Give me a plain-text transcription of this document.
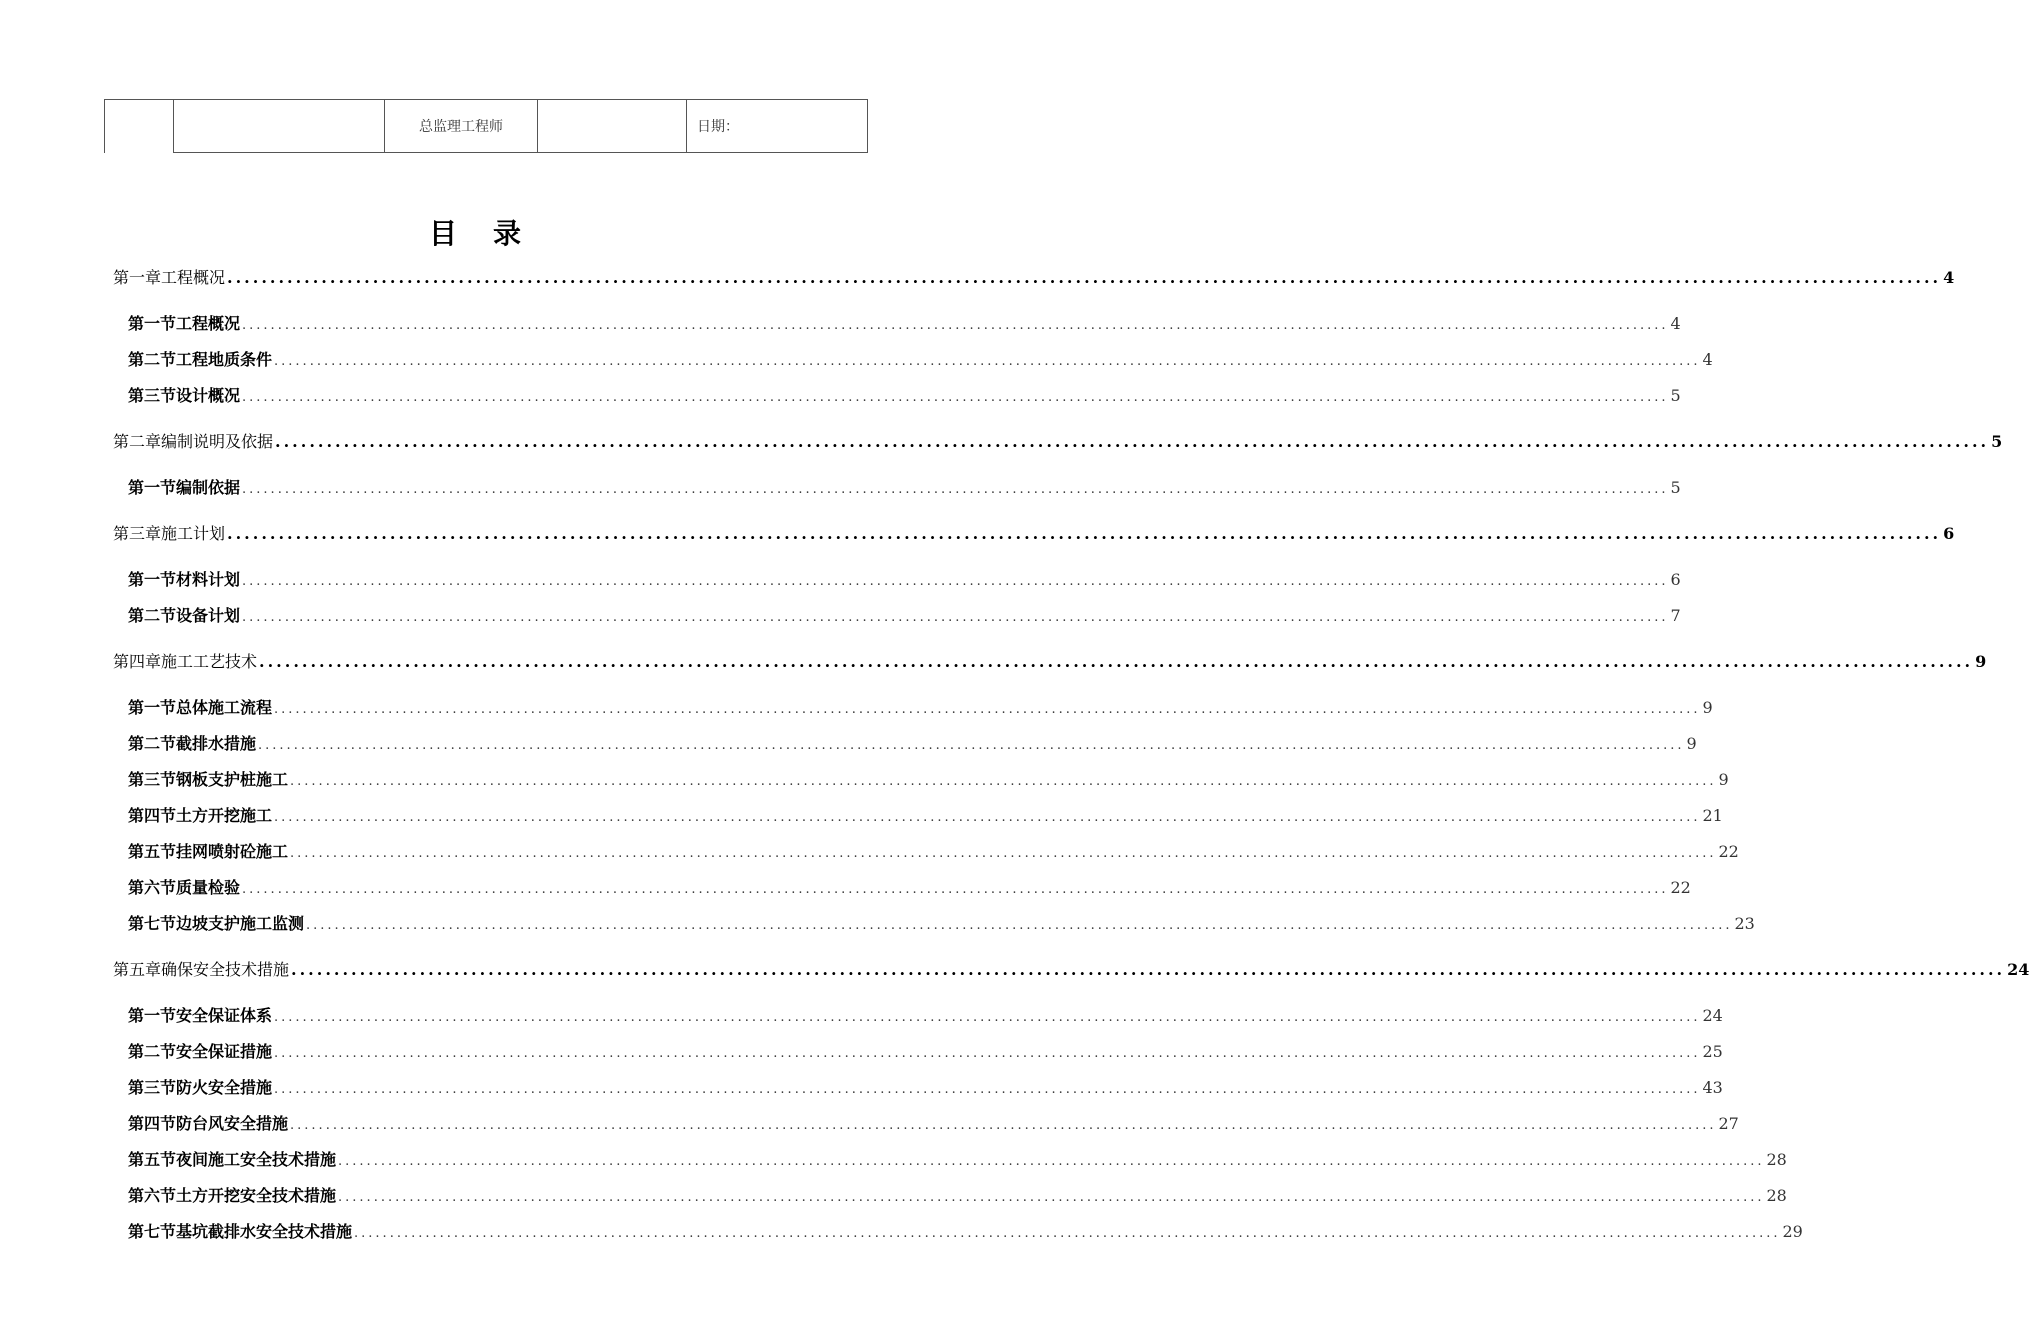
总监理工程师	日期：
目录
第一章 工程概况 ........................................................................................................................................................................................................ 4
第一节 工程概况 ........................................................................................................................................................................................................ 4
第二节 工程地质条件 ........................................................................................................................................................................................................ 4
第三节 设计概况 ........................................................................................................................................................................................................ 5
第二章 编制说明及依据 ........................................................................................................................................................................................................ 5
第一节 编制依据 ........................................................................................................................................................................................................ 5
第三章 施工计划 ........................................................................................................................................................................................................ 6
第一节 材料计划 ........................................................................................................................................................................................................ 6
第二节 设备计划 ........................................................................................................................................................................................................ 7
第四章 施工工艺技术 ........................................................................................................................................................................................................ 9
第一节 总体施工流程 ........................................................................................................................................................................................................ 9
第二节 截排水措施 ........................................................................................................................................................................................................ 9
第三节 钢板支护桩施工 ........................................................................................................................................................................................................ 9
第四节 土方开挖施工 ........................................................................................................................................................................................................ 21
第五节 挂网喷射砼施工 ........................................................................................................................................................................................................ 22
第六节 质量检验 ........................................................................................................................................................................................................ 22
第七节 边坡支护施工监测 ........................................................................................................................................................................................................ 23
第五章 确保安全技术措施 ........................................................................................................................................................................................................ 24
第一节 安全保证体系 ........................................................................................................................................................................................................ 24
第二节 安全保证措施 ........................................................................................................................................................................................................ 25
第三节 防火安全措施 ........................................................................................................................................................................................................ 43
第四节 防台风安全措施 ........................................................................................................................................................................................................ 27
第五节 夜间施工安全技术措施 ........................................................................................................................................................................................................ 28
第六节 土方开挖安全技术措施 ........................................................................................................................................................................................................ 28
第七节 基坑截排水安全技术措施 ........................................................................................................................................................................................................ 29
